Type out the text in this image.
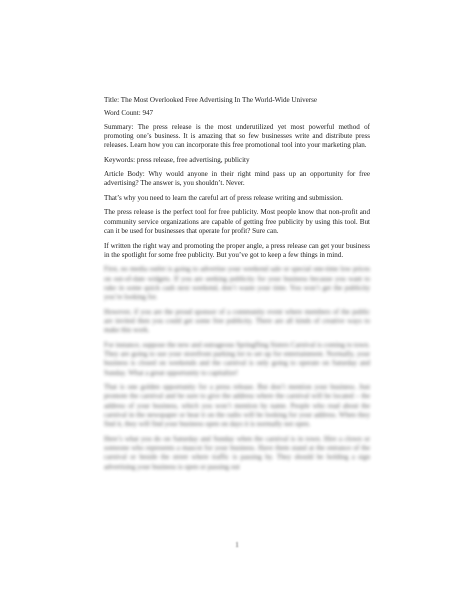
Title: The Most Overlooked Free Advertising In The World-Wide Universe

Word Count: 947

Summary: The press release is the most underutilized yet most powerful method of promoting one’s business. It is amazing that so few businesses write and distribute press releases. Learn how you can incorporate this free promotional tool into your marketing plan.

Keywords: press release, free advertising, publicity

Article Body: Why would anyone in their right mind pass up an opportunity for free advertising? The answer is, you shouldn’t. Never.

That’s why you need to learn the careful art of press release writing and submission.

The press release is the perfect tool for free publicity. Most people know that non-profit and community service organizations are capable of getting free publicity by using this tool. But can it be used for businesses that operate for profit? Sure can.

If written the right way and promoting the proper angle, a press release can get your business in the spotlight for some free publicity. But you’ve got to keep a few things in mind.

First, no media outlet is going to advertise your weekend sale or special one-time low prices on out-of-date widgets. If you are seeking publicity for your business because you want to rake in some quick cash next weekend, don’t waste your time. You won’t get the publicity you’re looking for.

However, if you are the proud sponsor of a community event where members of the public are invited then you could get some free publicity. There are all kinds of creative ways to make this work.

For instance, suppose the new and outrageous Springfling Sisters Carnival is coming to town. They are going to use your storefront parking lot to set up for entertainment. Normally, your business is closed on weekends and the carnival is only going to operate on Saturday and Sunday. What a great opportunity to capitalize!

That is one golden opportunity for a press release. But don’t mention your business. Just promote the carnival and be sure to give the address where the carnival will be located – the address of your business, which you won’t mention by name. People who read about the carnival in the newspaper or hear it on the radio will be looking for your address. When they find it, they will find your business open on days it is normally not open.

Here’s what you do on Saturday and Sunday when the carnival is in town. Hire a clown or someone who represents a mascot for your business. Have them stand at the entrance of the carnival or beside the street where traffic is passing by. They should be holding a sign advertising your business is open or passing out

1
